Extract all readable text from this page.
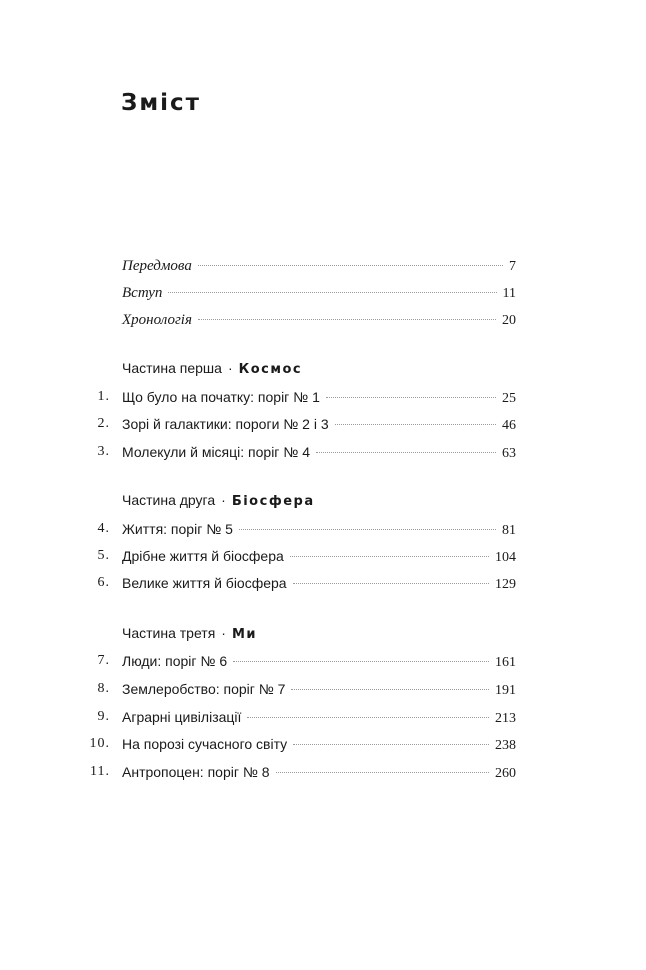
Зміст
Передмова	7
Вступ	11
Хронологія	20
Частина перша · Космос
1. Що було на початку: поріг № 1	25
2. Зорі й галактики: пороги № 2 і 3	46
3. Молекули й місяці: поріг № 4	63
Частина друга · Біосфера
4. Життя: поріг № 5	81
5. Дрібне життя й біосфера	104
6. Велике життя й біосфера	129
Частина третя · Ми
7. Люди: поріг № 6	161
8. Землеробство: поріг № 7	191
9. Аграрні цивілізації	213
10. На порозі сучасного світу	238
11. Антропоцен: поріг № 8	260
